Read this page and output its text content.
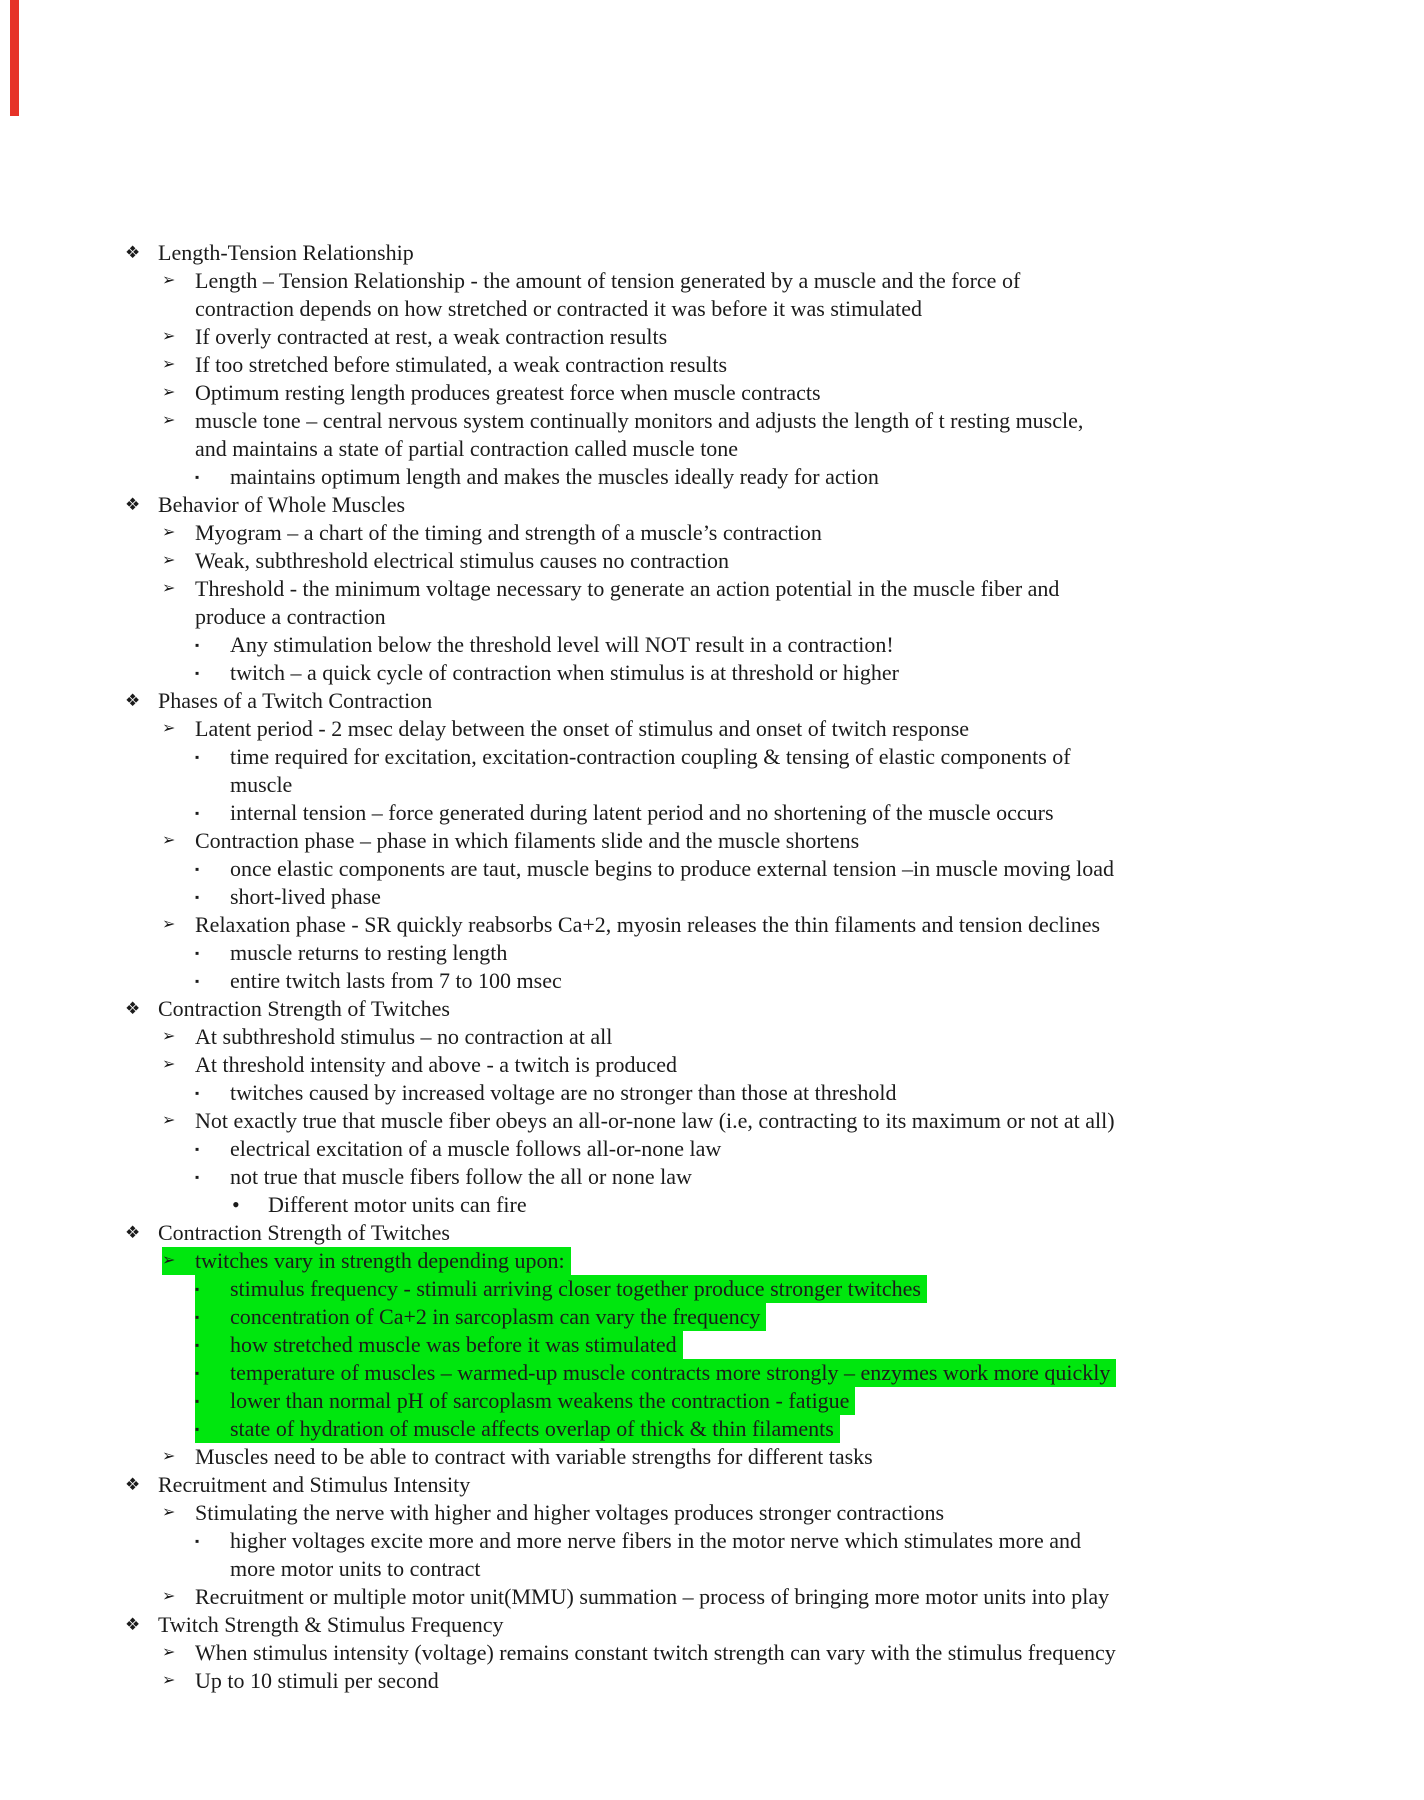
❖ Length-Tension Relationship
➢ Length – Tension Relationship - the amount of tension generated by a muscle and the force of
contraction depends on how stretched or contracted it was before it was stimulated
➢ If overly contracted at rest, a weak contraction results
➢ If too stretched before stimulated, a weak contraction results
➢ Optimum resting length produces greatest force when muscle contracts
➢ muscle tone – central nervous system continually monitors and adjusts the length of t resting muscle,
and maintains a state of partial contraction called muscle tone
▪	maintains optimum length and makes the muscles ideally ready for action
❖ Behavior of Whole Muscles
➢ Myogram – a chart of the timing and strength of a muscle’s contraction
➢ Weak, subthreshold electrical stimulus causes no contraction
➢ Threshold - the minimum voltage necessary to generate an action potential in the muscle fiber and
produce a contraction
▪	Any stimulation below the threshold level will NOT result in a contraction!
▪	twitch – a quick cycle of contraction when stimulus is at threshold or higher
❖ Phases of a Twitch Contraction
➢ Latent period - 2 msec delay between the onset of stimulus and onset of twitch response
▪	time required for excitation, excitation-contraction coupling & tensing of elastic components of
muscle
▪	internal tension – force generated during latent period and no shortening of the muscle occurs
➢ Contraction phase – phase in which filaments slide and the muscle shortens
▪	once elastic components are taut, muscle begins to produce external tension –in muscle moving load
▪	short-lived phase
➢ Relaxation phase - SR quickly reabsorbs Ca+2, myosin releases the thin filaments and tension declines
▪	muscle returns to resting length
▪	entire twitch lasts from 7 to 100 msec
❖ Contraction Strength of Twitches
➢ At subthreshold stimulus – no contraction at all
➢ At threshold intensity and above - a twitch is produced
▪	twitches caused by increased voltage are no stronger than those at threshold
➢ Not exactly true that muscle fiber obeys an all-or-none law (i.e, contracting to its maximum or not at all)
▪	electrical excitation of a muscle follows all-or-none law
▪	not true that muscle fibers follow the all or none law
•	Different motor units can fire
❖ Contraction Strength of Twitches
➢ twitches vary in strength depending upon:
▪	stimulus frequency - stimuli arriving closer together produce stronger twitches
▪	concentration of Ca+2 in sarcoplasm can vary the frequency
▪	how stretched muscle was before it was stimulated
▪	temperature of muscles – warmed-up muscle contracts more strongly – enzymes work more quickly
▪	lower than normal pH of sarcoplasm weakens the contraction - fatigue
▪	state of hydration of muscle affects overlap of thick & thin filaments
➢ Muscles need to be able to contract with variable strengths for different tasks
❖ Recruitment and Stimulus Intensity
➢ Stimulating the nerve with higher and higher voltages produces stronger contractions
▪	higher voltages excite more and more nerve fibers in the motor nerve which stimulates more and
more motor units to contract
➢ Recruitment or multiple motor unit(MMU) summation – process of bringing more motor units into play
❖ Twitch Strength & Stimulus Frequency
➢ When stimulus intensity (voltage) remains constant twitch strength can vary with the stimulus frequency
➢ Up to 10 stimuli per second
